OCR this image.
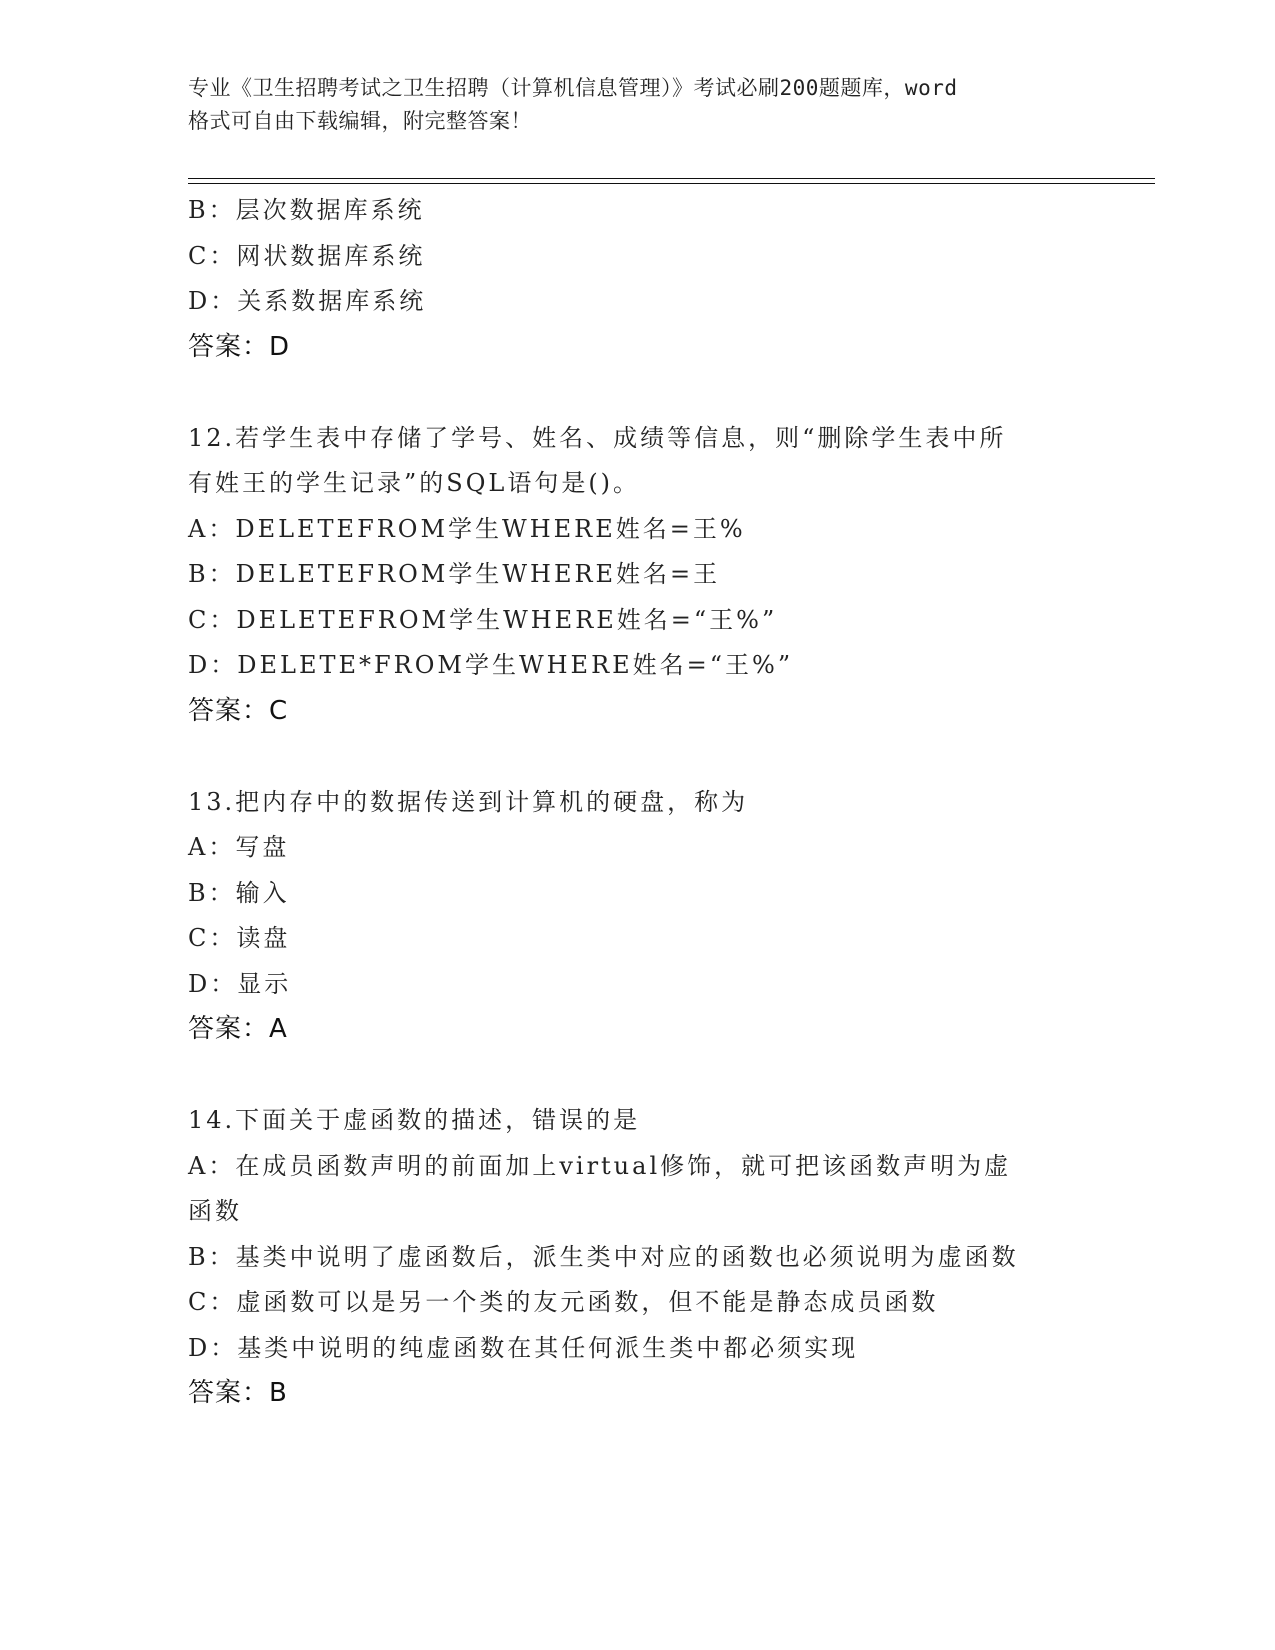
专业《卫生招聘考试之卫生招聘（计算机信息管理）》考试必刷200题题库，word
格式可自由下载编辑，附完整答案！
B：层次数据库系统
C：网状数据库系统
D：关系数据库系统
答案：D
12.若学生表中存储了学号、姓名、成绩等信息，则“删除学生表中所
有姓王的学生记录”的SQL语句是()。
A：DELETEFROM学生WHERE姓名=王%
B：DELETEFROM学生WHERE姓名=王
C：DELETEFROM学生WHERE姓名=“王%”
D：DELETE*FROM学生WHERE姓名=“王%”
答案：C
13.把内存中的数据传送到计算机的硬盘，称为
A：写盘
B：输入
C：读盘
D：显示
答案：A
14.下面关于虚函数的描述，错误的是
A：在成员函数声明的前面加上virtual修饰，就可把该函数声明为虚
函数
B：基类中说明了虚函数后，派生类中对应的函数也必须说明为虚函数
C：虚函数可以是另一个类的友元函数，但不能是静态成员函数
D：基类中说明的纯虚函数在其任何派生类中都必须实现
答案：B
